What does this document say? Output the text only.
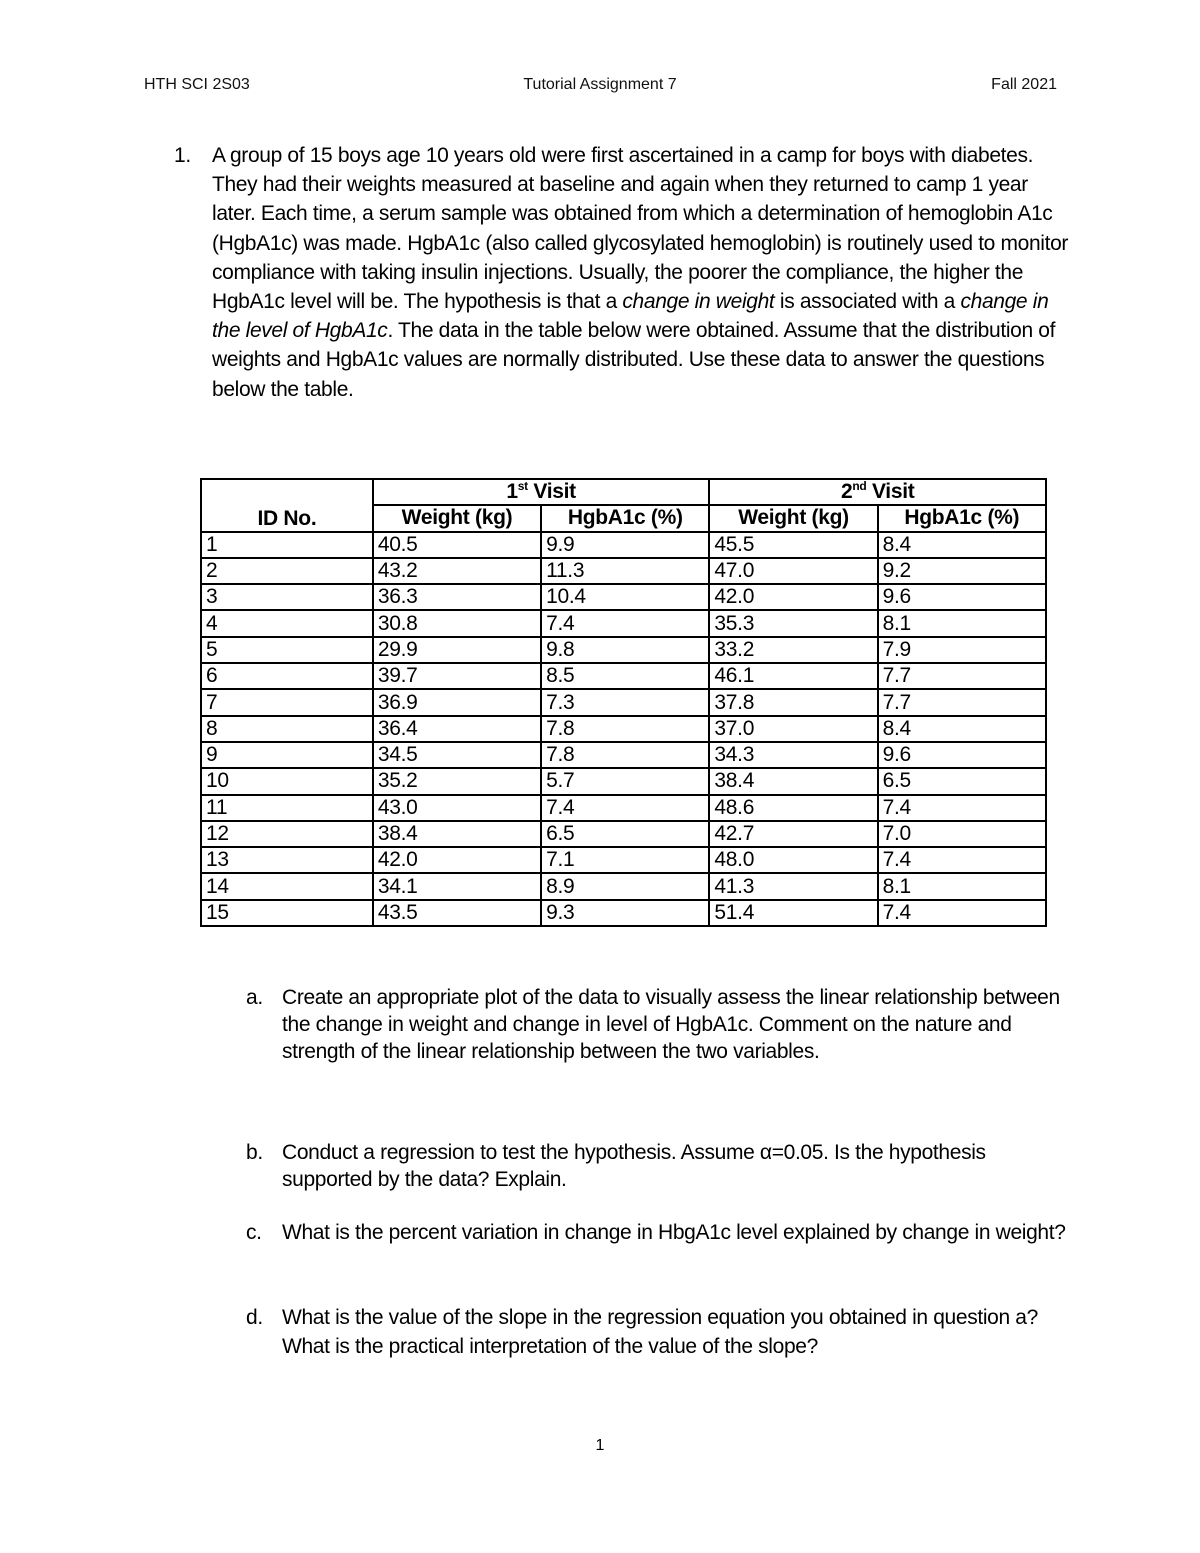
HTH SCI 2S03	Tutorial Assignment 7	Fall 2021
1. A group of 15 boys age 10 years old were first ascertained in a camp for boys with diabetes. They had their weights measured at baseline and again when they returned to camp 1 year later. Each time, a serum sample was obtained from which a determination of hemoglobin A1c (HgbA1c) was made. HgbA1c (also called glycosylated hemoglobin) is routinely used to monitor compliance with taking insulin injections. Usually, the poorer the compliance, the higher the HgbA1c level will be. The hypothesis is that a change in weight is associated with a change in the level of HgbA1c. The data in the table below were obtained. Assume that the distribution of weights and HgbA1c values are normally distributed. Use these data to answer the questions below the table.
ID No.	1st Visit		2nd Visit	
	Weight (kg)	HgbA1c (%)	Weight (kg)	HgbA1c (%)
1	40.5	9.9	45.5	8.4
2	43.2	11.3	47.0	9.2
3	36.3	10.4	42.0	9.6
4	30.8	7.4	35.3	8.1
5	29.9	9.8	33.2	7.9
6	39.7	8.5	46.1	7.7
7	36.9	7.3	37.8	7.7
8	36.4	7.8	37.0	8.4
9	34.5	7.8	34.3	9.6
10	35.2	5.7	38.4	6.5
11	43.0	7.4	48.6	7.4
12	38.4	6.5	42.7	7.0
13	42.0	7.1	48.0	7.4
14	34.1	8.9	41.3	8.1
15	43.5	9.3	51.4	7.4
a. Create an appropriate plot of the data to visually assess the linear relationship between the change in weight and change in level of HgbA1c. Comment on the nature and strength of the linear relationship between the two variables.
b. Conduct a regression to test the hypothesis. Assume α=0.05. Is the hypothesis supported by the data? Explain.
c. What is the percent variation in change in HbgA1c level explained by change in weight?
d. What is the value of the slope in the regression equation you obtained in question a? What is the practical interpretation of the value of the slope?
1
